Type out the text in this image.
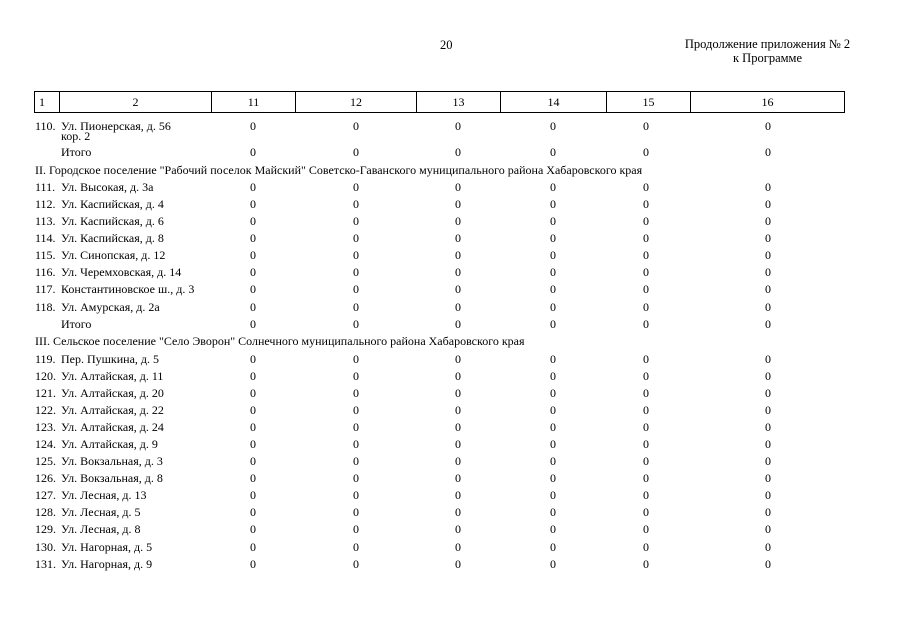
20	Продолжение приложения № 2
к Программе
1	2	11	12	13	14	15	16
110. Ул. Пионерская, д. 56
кор. 2
0	0	0	0	0	0
Итого	0	0	0	0	0	0
II. Городское поселение "Рабочий поселок Майский" Советско-Гаванского муниципального района Хабаровского края
111. Ул. Высокая, д. 3а	0	0	0	0	0	0
112. Ул. Каспийская, д. 4	0	0	0	0	0	0
113. Ул. Каспийская, д. 6	0	0	0	0	0	0
114. Ул. Каспийская, д. 8	0	0	0	0	0	0
115. Ул. Синопская, д. 12	0	0	0	0	0	0
116. Ул. Черемховская, д. 14	0	0	0	0	0	0
117. Константиновское ш., д. 3	0	0	0	0	0	0
118. Ул. Амурская, д. 2а	0	0	0	0	0	0
Итого	0	0	0	0	0	0
III. Сельское поселение "Село Эворон" Солнечного муниципального района Хабаровского края
119. Пер. Пушкина, д. 5	0	0	0	0	0	0
120. Ул. Алтайская, д. 11	0	0	0	0	0	0
121. Ул. Алтайская, д. 20	0	0	0	0	0	0
122. Ул. Алтайская, д. 22	0	0	0	0	0	0
123. Ул. Алтайская, д. 24	0	0	0	0	0	0
124. Ул. Алтайская, д. 9	0	0	0	0	0	0
125. Ул. Вокзальная, д. 3	0	0	0	0	0	0
126. Ул. Вокзальная, д. 8	0	0	0	0	0	0
127. Ул. Лесная, д. 13	0	0	0	0	0	0
128. Ул. Лесная, д. 5	0	0	0	0	0	0
129. Ул. Лесная, д. 8	0	0	0	0	0	0
130. Ул. Нагорная, д. 5	0	0	0	0	0	0
131. Ул. Нагорная, д. 9	0	0	0	0	0	0
